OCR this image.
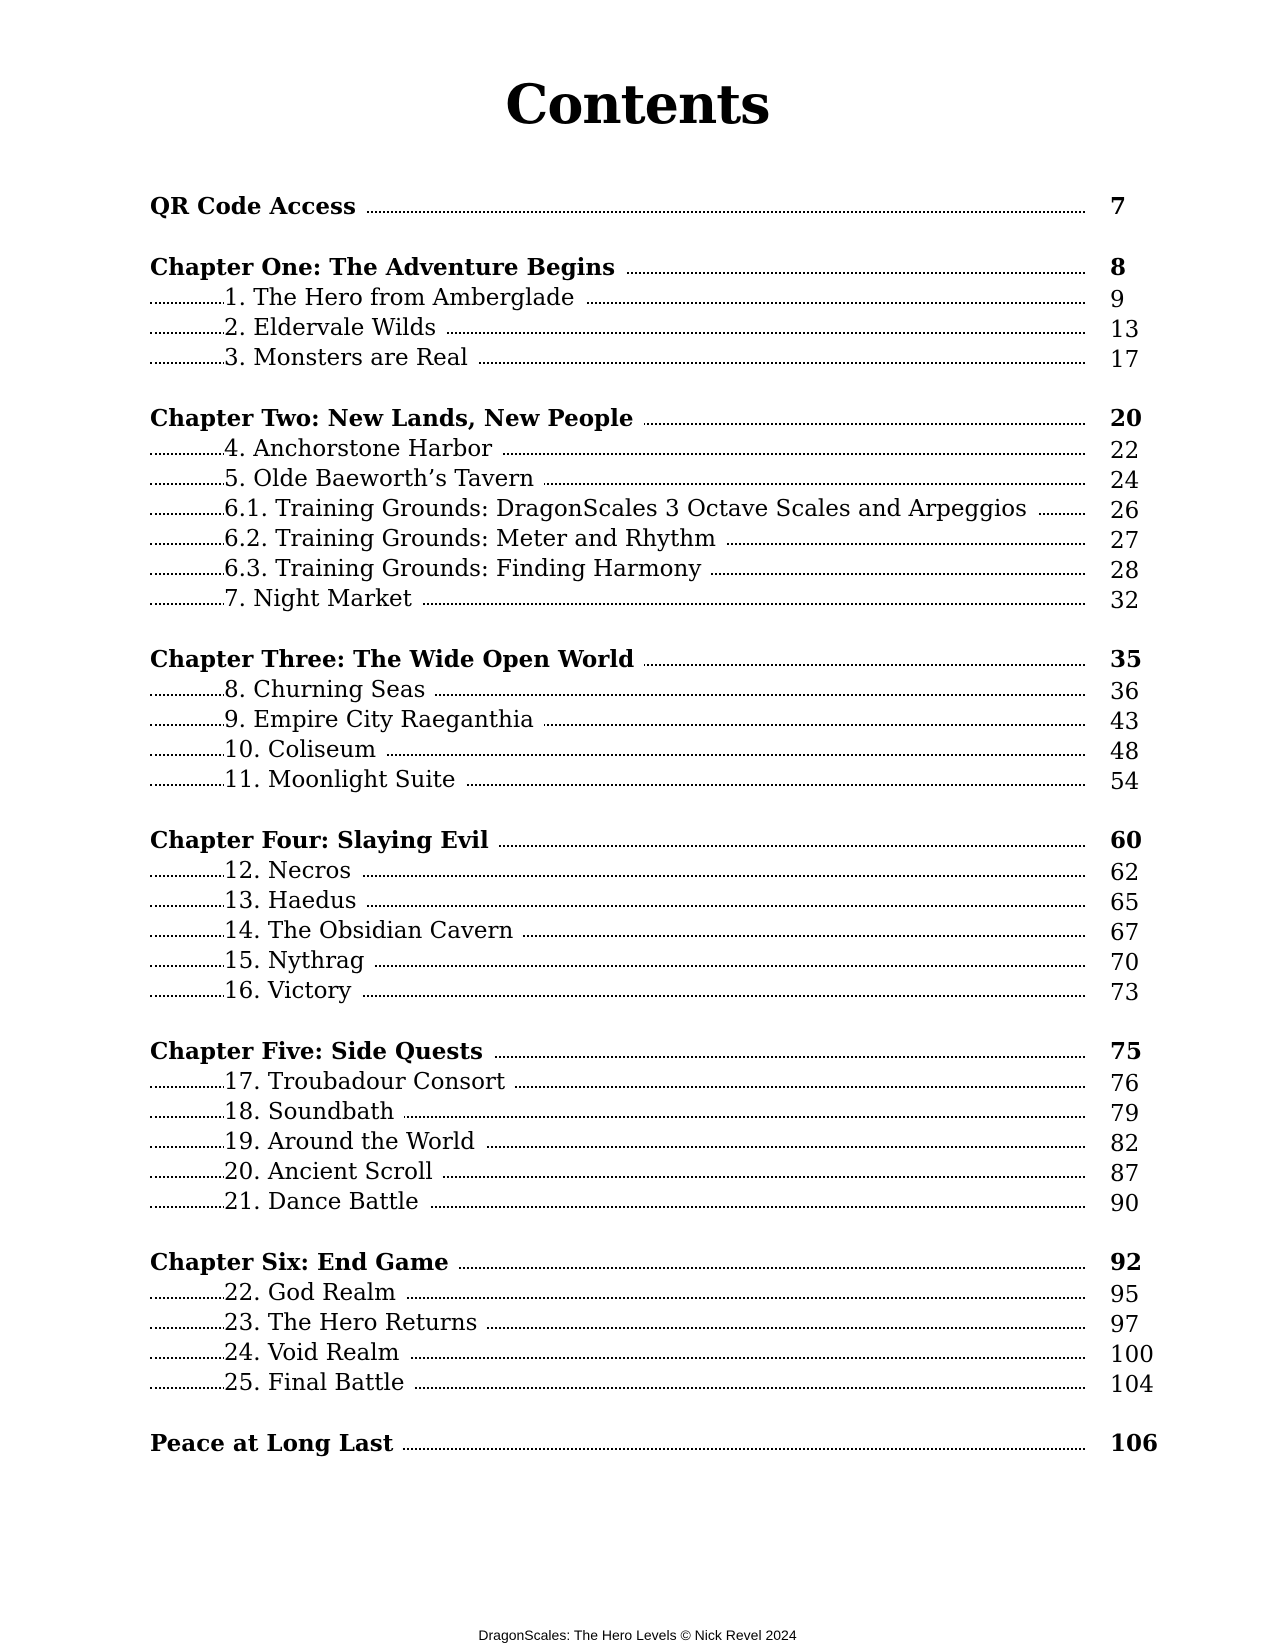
Contents
QR Code Access	7
Chapter One: The Adventure Begins	8
1. The Hero from Amberglade	9
2. Eldervale Wilds	13
3. Monsters are Real	17
Chapter Two: New Lands, New People	20
4. Anchorstone Harbor	22
5. Olde Baeworth’s Tavern	24
6.1. Training Grounds: DragonScales 3 Octave Scales and Arpeggios	26
6.2. Training Grounds: Meter and Rhythm	27
6.3. Training Grounds: Finding Harmony	28
7. Night Market	32
Chapter Three: The Wide Open World	35
8. Churning Seas	36
9. Empire City Raeganthia	43
10. Coliseum	48
11. Moonlight Suite	54
Chapter Four: Slaying Evil	60
12. Necros	62
13. Haedus	65
14. The Obsidian Cavern	67
15. Nythrag	70
16. Victory	73
Chapter Five: Side Quests	75
17. Troubadour Consort	76
18. Soundbath	79
19. Around the World	82
20. Ancient Scroll	87
21. Dance Battle	90
Chapter Six: End Game	92
22. God Realm	95
23. The Hero Returns	97
24. Void Realm	100
25. Final Battle	104
Peace at Long Last	106
DragonScales: The Hero Levels © Nick Revel 2024
